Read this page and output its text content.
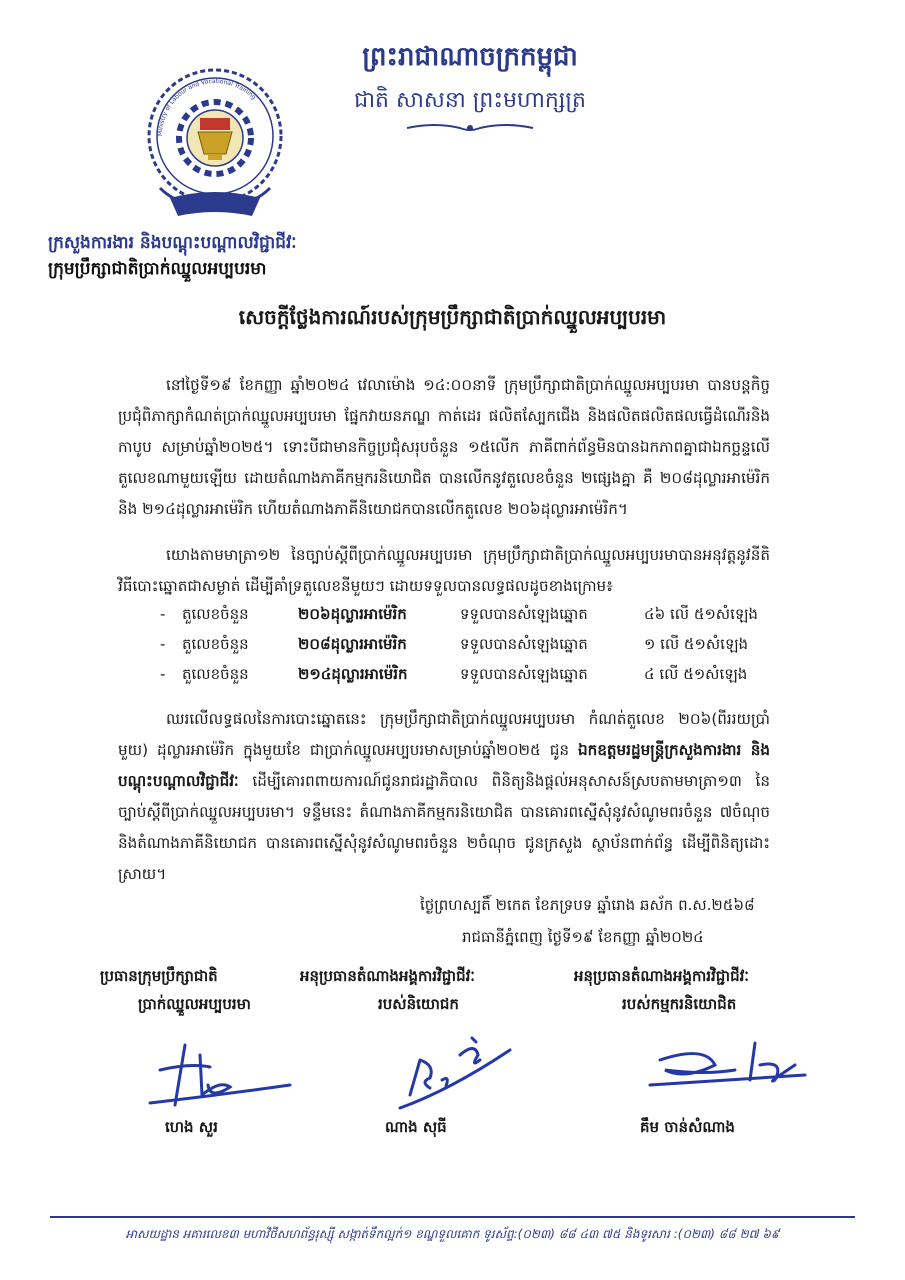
Ministry of Labour and Vocational Training
ព្រះរាជាណាចក្រកម្ពុជា
ជាតិ សាសនា ព្រះមហាក្សត្រ
ក្រសួងការងារ និងបណ្តុះបណ្តាលវិជ្ជាជីវៈ
ក្រុមប្រឹក្សាជាតិប្រាក់ឈ្នួលអប្បបរមា
សេចក្តីថ្លែងការណ៍របស់ក្រុមប្រឹក្សាជាតិប្រាក់ឈ្នួលអប្បបរមា
នៅថ្ងៃទី១៩ ខែកញ្ញា ឆ្នាំ២០២៤ វេលាម៉ោង ១៤:០០នាទី ក្រុមប្រឹក្សាជាតិប្រាក់ឈ្នួលអប្បបរមា បានបន្តកិច្ចប្រជុំពិភាក្សាកំណត់ប្រាក់ឈ្នួលអប្បបរមា ផ្នែកវាយនភណ្ឌ កាត់ដេរ ផលិតស្បែកជើង និងផលិតផលិតផលធ្វើដំណើរនិងកាបូប សម្រាប់ឆ្នាំ២០២៥។ ទោះបីជាមានកិច្ចប្រជុំសរុបចំនួន ១៥លើក ភាគីពាក់ព័ន្ធមិនបានឯកភាពគ្នាជាឯកច្ឆន្ទលើតួលេខណាមួយឡើយ ដោយតំណាងភាគីកម្មករនិយោជិត បានលើកនូវតួលេខចំនួន ២ផ្សេងគ្នា គឺ ២០៨ដុល្លារអាម៉េរិក និង ២១៤ដុល្លារអាម៉េរិក ហើយតំណាងភាគីនិយោជកបានលើកតួលេខ ២០៦ដុល្លារអាម៉េរិក។
យោងតាមមាត្រា១២ នៃច្បាប់ស្តីពីប្រាក់ឈ្នួលអប្បបរមា ក្រុមប្រឹក្សាជាតិប្រាក់ឈ្នួលអប្បបរមាបានអនុវត្តនូវនីតិវិធីបោះឆ្នោតជាសម្ងាត់ ដើម្បីគាំទ្រតួលេខនីមួយៗ ដោយទទួលបានលទ្ធផលដូចខាងក្រោម៖
- តួលេខចំនួន	២០៦ដុល្លារអាម៉េរិក	ទទួលបានសំឡេងឆ្នោត	៤៦ លើ ៥១សំឡេង
- តួលេខចំនួន	២០៨ដុល្លារអាម៉េរិក	ទទួលបានសំឡេងឆ្នោត	១ លើ ៥១សំឡេង
- តួលេខចំនួន	២១៤ដុល្លារអាម៉េរិក	ទទួលបានសំឡេងឆ្នោត	៤ លើ ៥១សំឡេង
ឈរលើលទ្ធផលនៃការបោះឆ្នោតនេះ ក្រុមប្រឹក្សាជាតិប្រាក់ឈ្នួលអប្បបរមា កំណត់តួលេខ ២០៦(ពីររយប្រាំមួយ) ដុល្លារអាម៉េរិក ក្នុងមួយខែ ជាប្រាក់ឈ្នួលអប្បបរមាសម្រាប់ឆ្នាំ២០២៥ ជូន ឯកឧត្តមរដ្ឋមន្ត្រីក្រសួងការងារ និងបណ្តុះបណ្តាលវិជ្ជាជីវៈ ដើម្បីគោរពពាយការណ៍ជូនរាជរដ្ឋាភិបាល ពិនិត្យនិងផ្តល់អនុសាសន៍ស្របតាមមាត្រា១៣ នៃច្បាប់ស្តីពីប្រាក់ឈ្នួលអប្បបរមា។ ទន្ទឹមនេះ តំណាងភាគីកម្មករនិយោជិត បានគោរពស្នើសុំនូវសំណូមពរចំនួន ៧ចំណុច និងតំណាងភាគីនិយោជក បានគោរពស្នើសុំនូវសំណូមពរចំនួន ២ចំណុច ជូនក្រសួង ស្ថាប័នពាក់ព័ន្ធ ដើម្បីពិនិត្យដោះស្រាយ។
ថ្ងៃព្រហស្បតិ៍ ២កេត ខែភទ្របទ ឆ្នាំរោង ឆស័ក ព.ស.២៥៦៨
រាជធានីភ្នំពេញ ថ្ងៃទី១៩ ខែកញ្ញា ឆ្នាំ២០២៤
ប្រធានក្រុមប្រឹក្សាជាតិ
ប្រាក់ឈ្នួលអប្បបរមា
អនុប្រធានតំណាងអង្គការវិជ្ជាជីវៈ
របស់និយោជក
អនុប្រធានតំណាងអង្គការវិជ្ជាជីវៈ
របស់កម្មករនិយោជិត
ហេង សួរ	ណាង សុធី	គឹម ចាន់សំណាង
អាសយដ្ឋាន អគារលេខ៣ មហាវិថីសហព័ន្ធរុស្ស៊ី សង្កាត់ទឹកល្អក់១ ខណ្ឌទួលគោក ទូរស័ព្ទ:(០២៣) ៨៨ ៤៣ ៧៥ និងទូរសារ :(០២៣) ៨៨ ២៧ ៦៩
